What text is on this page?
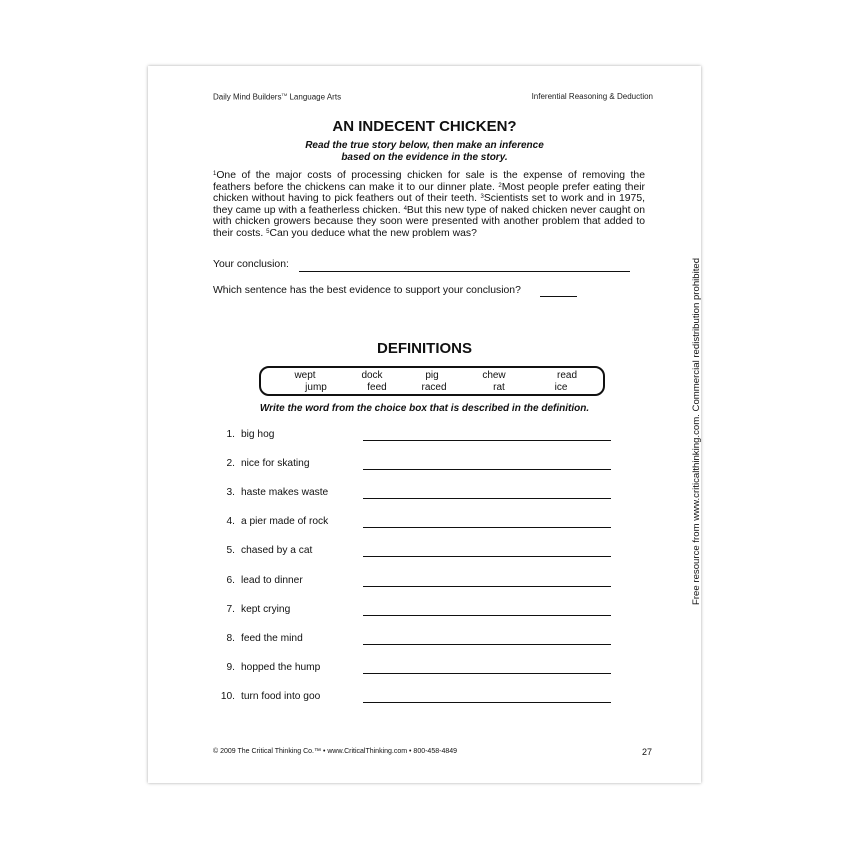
Daily Mind Builders™ Language Arts	Inferential Reasoning & Deduction
AN INDECENT CHICKEN?
Read the true story below, then make an inference
based on the evidence in the story.
$^1$One of the major costs of processing chicken for sale is the expense of removing the feathers before the chickens can make it to our dinner plate. $^2$Most people prefer eating their chicken without having to pick feathers out of their teeth. $^3$Scientists set to work and in 1975, they came up with a featherless chicken. $^4$But this new type of naked chicken never caught on with chicken growers because they soon were presented with another problem that added to their costs. $^5$Can you deduce what the new problem was?
Your conclusion:
Which sentence has the best evidence to support your conclusion?
DEFINITIONS
wept	dock	pig	chew	read
jump	feed	raced	rat	ice
Write the word from the choice box that is described in the definition.
1. big hog
2. nice for skating
3. haste makes waste
4. a pier made of rock
5. chased by a cat
6. lead to dinner
7. kept crying
8. feed the mind
9. hopped the hump
10. turn food into goo
© 2009 The Critical Thinking Co.™ • www.CriticalThinking.com • 800-458-4849	27
Free resource from www.criticalthinking.com. Commercial redistribution prohibited
